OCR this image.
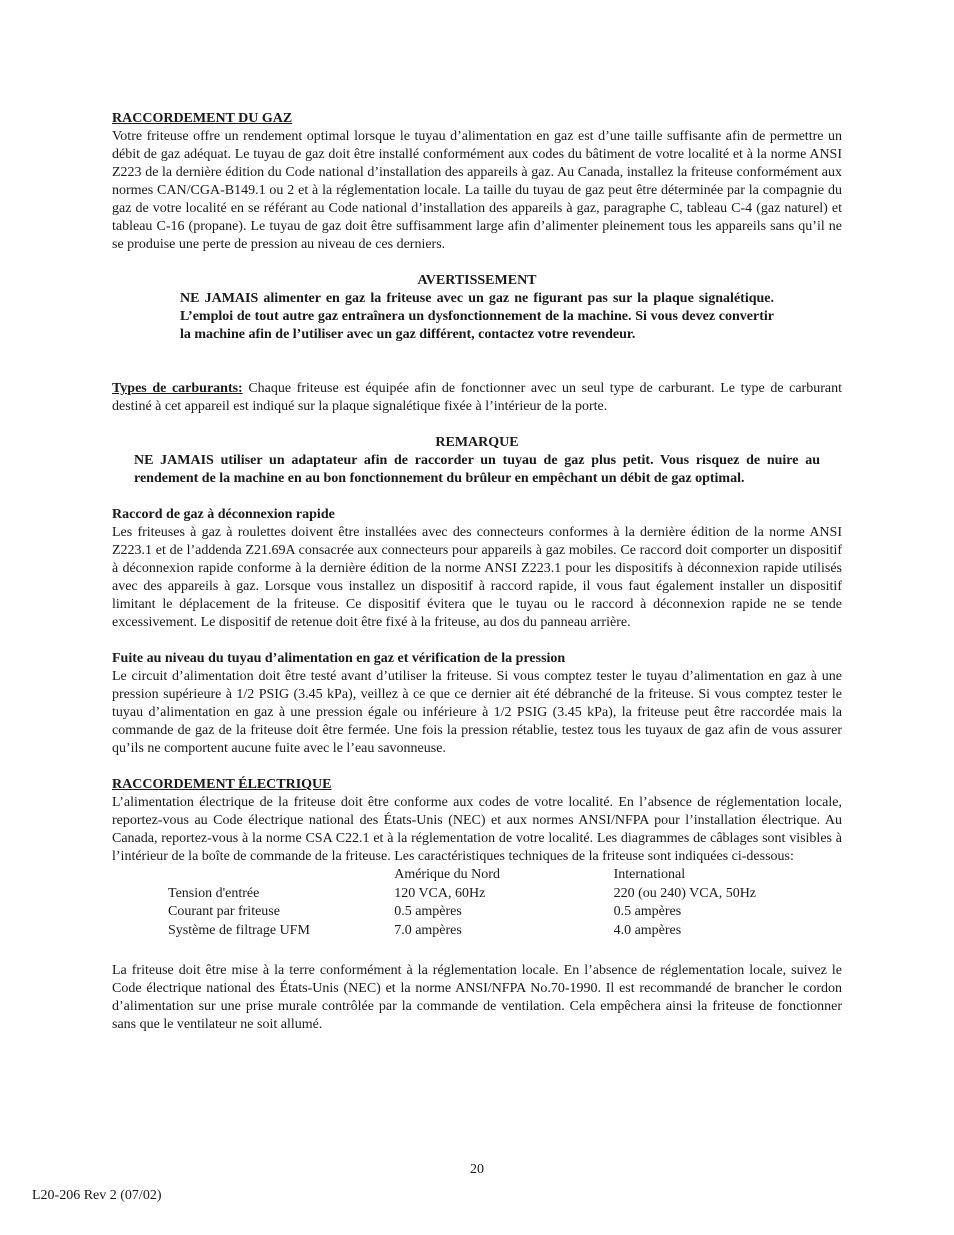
RACCORDEMENT DU GAZ

Votre friteuse offre un rendement optimal lorsque le tuyau d’alimentation en gaz est d’une taille suffisante afin de permettre un débit de gaz adéquat. Le tuyau de gaz doit être installé conformément aux codes du bâtiment de votre localité et à la norme ANSI Z223 de la dernière édition du Code national d’installation des appareils à gaz. Au Canada, installez la friteuse conformément aux normes CAN/CGA-B149.1 ou 2 et à la réglementation locale. La taille du tuyau de gaz peut être déterminée par la compagnie du gaz de votre localité en se référant au Code national d’installation des appareils à gaz, paragraphe C, tableau C-4 (gaz naturel) et tableau C-16 (propane). Le tuyau de gaz doit être suffisamment large afin d’alimenter pleinement tous les appareils sans qu’il ne se produise une perte de pression au niveau de ces derniers.

AVERTISSEMENT

NE JAMAIS alimenter en gaz la friteuse avec un gaz ne figurant pas sur la plaque signalétique. L’emploi de tout autre gaz entraînera un dysfonctionnement de la machine. Si vous devez convertir la machine afin de l’utiliser avec un gaz différent, contactez votre revendeur.

Types de carburants: Chaque friteuse est équipée afin de fonctionner avec un seul type de carburant. Le type de carburant destiné à cet appareil est indiqué sur la plaque signalétique fixée à l’intérieur de la porte.

REMARQUE

NE JAMAIS utiliser un adaptateur afin de raccorder un tuyau de gaz plus petit. Vous risquez de nuire au rendement de la machine en au bon fonctionnement du brûleur en empêchant un débit de gaz optimal.

Raccord de gaz à déconnexion rapide

Les friteuses à gaz à roulettes doivent être installées avec des connecteurs conformes à la dernière édition de la norme ANSI Z223.1 et de l’addenda Z21.69A consacrée aux connecteurs pour appareils à gaz mobiles. Ce raccord doit comporter un dispositif à déconnexion rapide conforme à la dernière édition de la norme ANSI Z223.1 pour les dispositifs à déconnexion rapide utilisés avec des appareils à gaz. Lorsque vous installez un dispositif à raccord rapide, il vous faut également installer un dispositif limitant le déplacement de la friteuse. Ce dispositif évitera que le tuyau ou le raccord à déconnexion rapide ne se tende excessivement. Le dispositif de retenue doit être fixé à la friteuse, au dos du panneau arrière.

Fuite au niveau du tuyau d’alimentation en gaz et vérification de la pression

Le circuit d’alimentation doit être testé avant d’utiliser la friteuse. Si vous comptez tester le tuyau d’alimentation en gaz à une pression supérieure à 1/2 PSIG (3.45 kPa), veillez à ce que ce dernier ait été débranché de la friteuse. Si vous comptez tester le tuyau d’alimentation en gaz à une pression égale ou inférieure à 1/2 PSIG (3.45 kPa), la friteuse peut être raccordée mais la commande de gaz de la friteuse doit être fermée. Une fois la pression rétablie, testez tous les tuyaux de gaz afin de vous assurer qu’ils ne comportent aucune fuite avec le l’eau savonneuse.

RACCORDEMENT ÉLECTRIQUE

L’alimentation électrique de la friteuse doit être conforme aux codes de votre localité. En l’absence de réglementation locale, reportez-vous au Code électrique national des États-Unis (NEC) et aux normes ANSI/NFPA pour l’installation électrique. Au Canada, reportez-vous à la norme CSA C22.1 et à la réglementation de votre localité. Les diagrammes de câblages sont visibles à l’intérieur de la boîte de commande de la friteuse. Les caractéristiques techniques de la friteuse sont indiquées ci-dessous:

	Amérique du Nord	International
Tension d'entrée	120 VCA, 60Hz	220 (ou 240) VCA, 50Hz
Courant par friteuse	0.5 ampères	0.5 ampères
Système de filtrage UFM	7.0 ampères	4.0 ampères

La friteuse doit être mise à la terre conformément à la réglementation locale. En l’absence de réglementation locale, suivez le Code électrique national des États-Unis (NEC) et la norme ANSI/NFPA No.70-1990. Il est recommandé de brancher le cordon d’alimentation sur une prise murale contrôlée par la commande de ventilation. Cela empêchera ainsi la friteuse de fonctionner sans que le ventilateur ne soit allumé.

20
L20-206 Rev 2 (07/02)
